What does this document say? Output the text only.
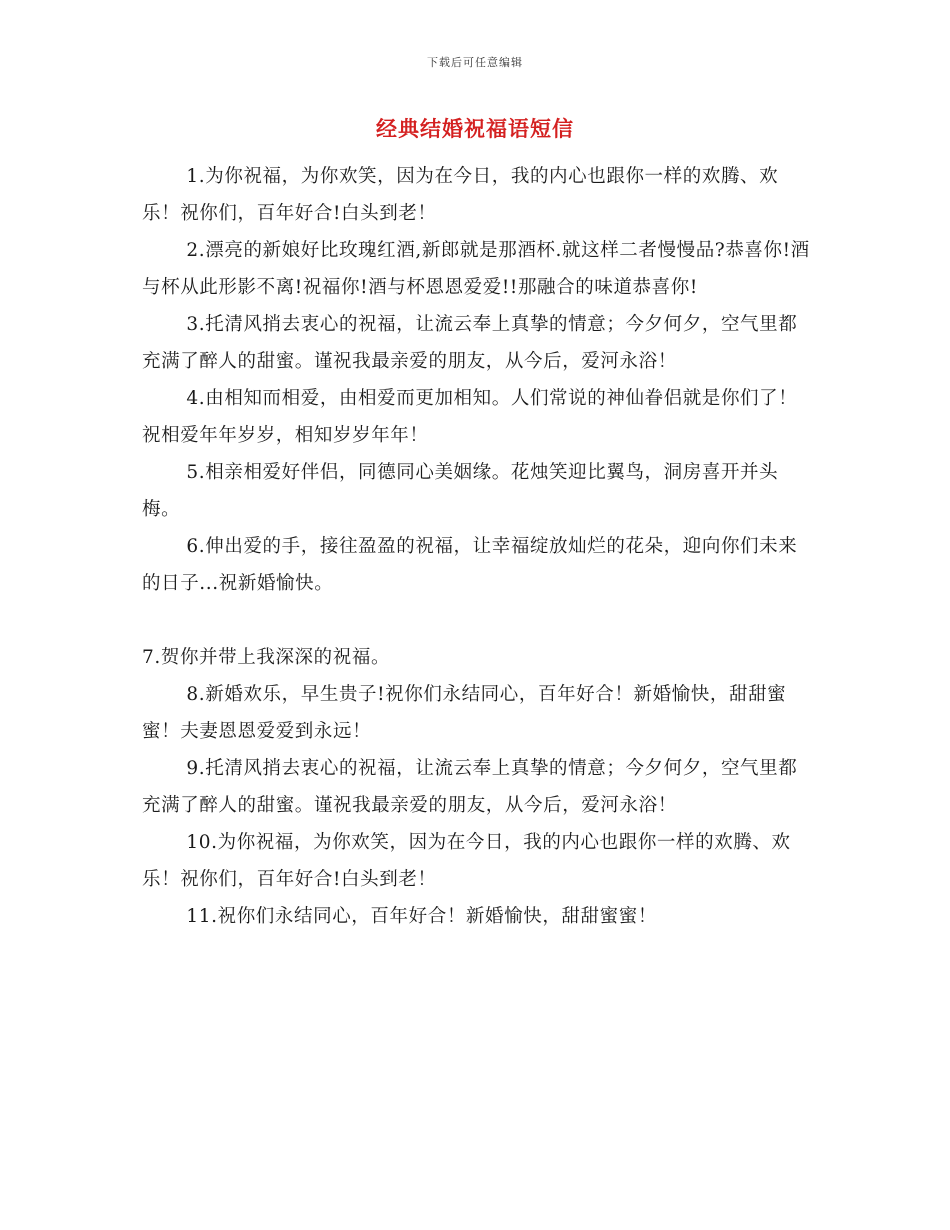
下载后可任意编辑
经典结婚祝福语短信

1.为你祝福，为你欢笑，因为在今日，我的内心也跟你一样的欢腾、欢乐！祝你们，百年好合!白头到老！

2.漂亮的新娘好比玫瑰红酒,新郎就是那酒杯.就这样二者慢慢品?恭喜你!酒与杯从此形影不离!祝福你!酒与杯恩恩爱爱!!那融合的味道恭喜你!

3.托清风捎去衷心的祝福，让流云奉上真挚的情意；今夕何夕，空气里都充满了醉人的甜蜜。谨祝我最亲爱的朋友，从今后，爱河永浴！

4.由相知而相爱，由相爱而更加相知。人们常说的神仙眷侣就是你们了！祝相爱年年岁岁，相知岁岁年年！

5.相亲相爱好伴侣，同德同心美姻缘。花烛笑迎比翼鸟，洞房喜开并头梅。

6.伸出爱的手，接往盈盈的祝福，让幸福绽放灿烂的花朵，迎向你们未来的日子...祝新婚愉快。

7.贺你并带上我深深的祝福。

8.新婚欢乐，早生贵子!祝你们永结同心，百年好合！新婚愉快，甜甜蜜蜜！夫妻恩恩爱爱到永远！

9.托清风捎去衷心的祝福，让流云奉上真挚的情意；今夕何夕，空气里都充满了醉人的甜蜜。谨祝我最亲爱的朋友，从今后，爱河永浴！

10.为你祝福，为你欢笑，因为在今日，我的内心也跟你一样的欢腾、欢乐！祝你们，百年好合!白头到老！

11.祝你们永结同心，百年好合！新婚愉快，甜甜蜜蜜！
